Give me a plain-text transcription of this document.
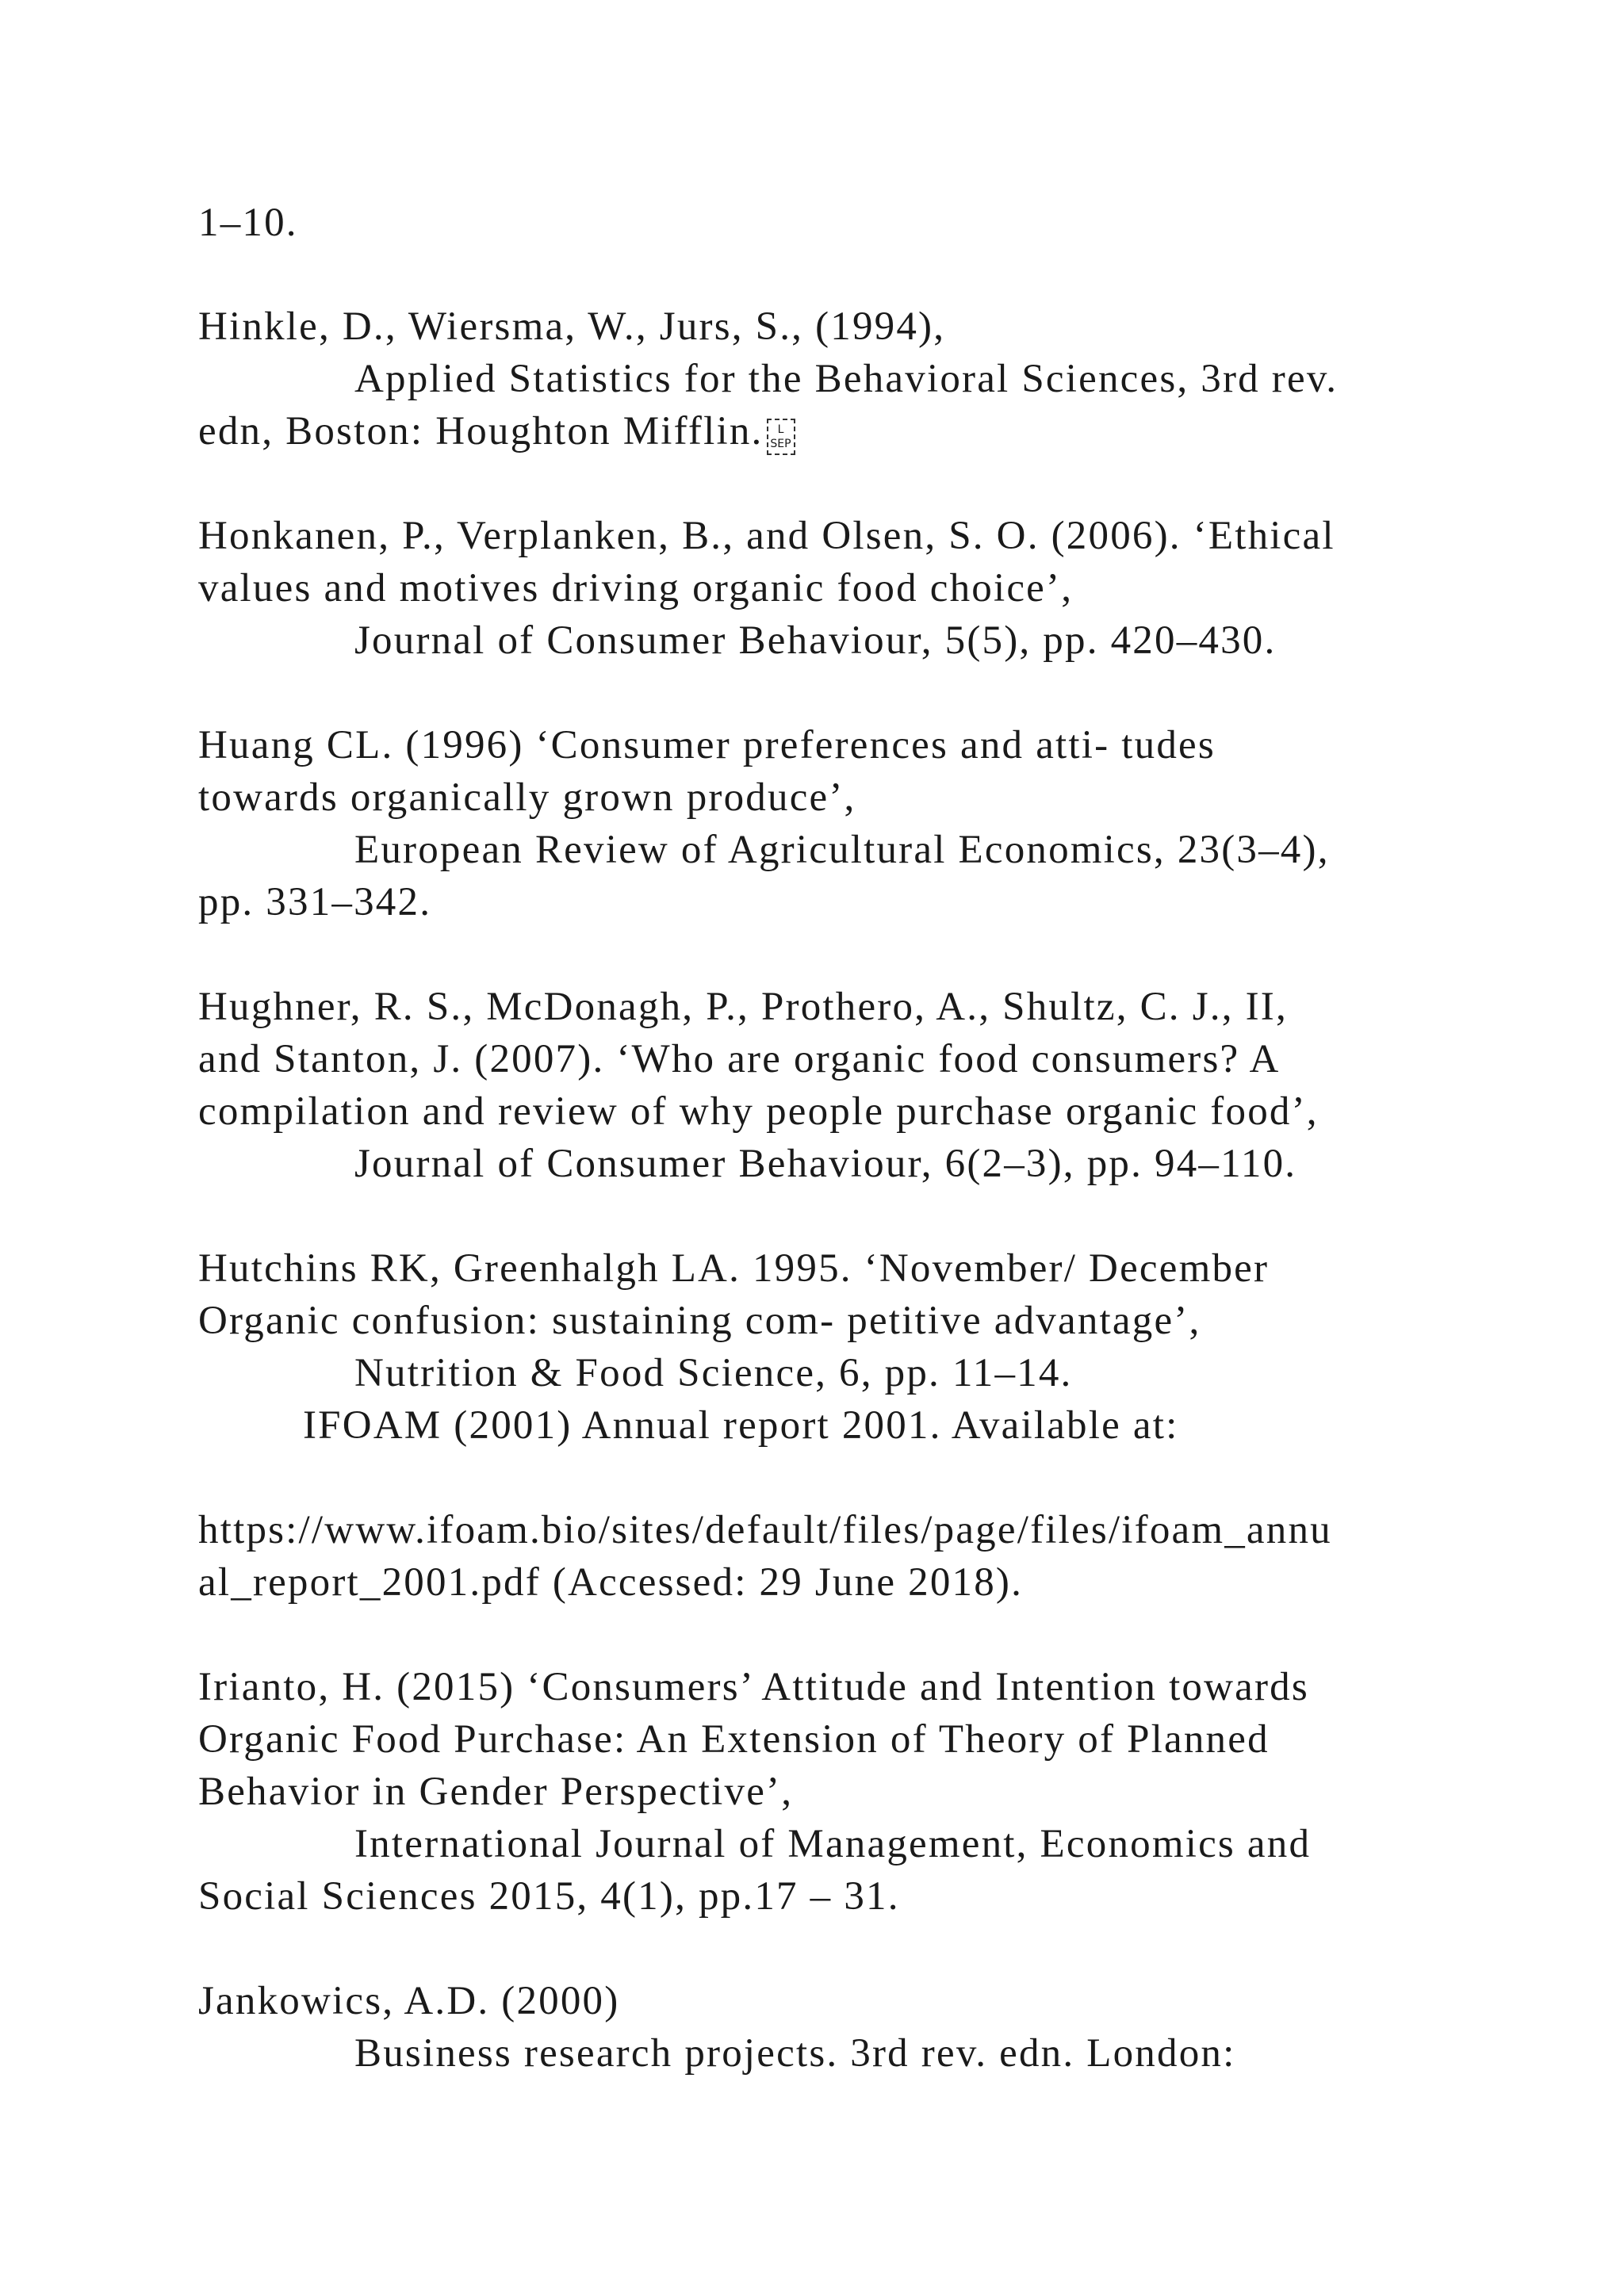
1–10.
Hinkle, D., Wiersma, W., Jurs, S., (1994),
Applied Statistics for the Behavioral Sciences, 3rd rev.
edn, Boston: Houghton Mifflin. L
SEP
Honkanen, P., Verplanken, B., and Olsen, S. O. (2006). ‘Ethical
values and motives driving organic food choice’,
Journal of Consumer Behaviour, 5(5), pp. 420–430.
Huang CL. (1996) ‘Consumer preferences and atti- tudes
towards organically grown produce’,
European Review of Agricultural Economics, 23(3–4),
pp. 331–342.
Hughner, R. S., McDonagh, P., Prothero, A., Shultz, C. J., II,
and Stanton, J. (2007). ‘Who are organic food consumers? A
compilation and review of why people purchase organic food’,
Journal of Consumer Behaviour, 6(2–3), pp. 94–110.
Hutchins RK, Greenhalgh LA. 1995. ‘November/ December
Organic confusion: sustaining com- petitive advantage’,
Nutrition & Food Science, 6, pp. 11–14.
IFOAM (2001) Annual report 2001. Available at:
https://www.ifoam.bio/sites/default/files/page/files/ifoam_annu
al_report_2001.pdf (Accessed: 29 June 2018).
Irianto, H. (2015) ‘Consumers’ Attitude and Intention towards
Organic Food Purchase: An Extension of Theory of Planned
Behavior in Gender Perspective’,
International Journal of Management, Economics and
Social Sciences 2015, 4(1), pp.17 – 31.
Jankowics, A.D. (2000)
Business research projects. 3rd rev. edn. London:
